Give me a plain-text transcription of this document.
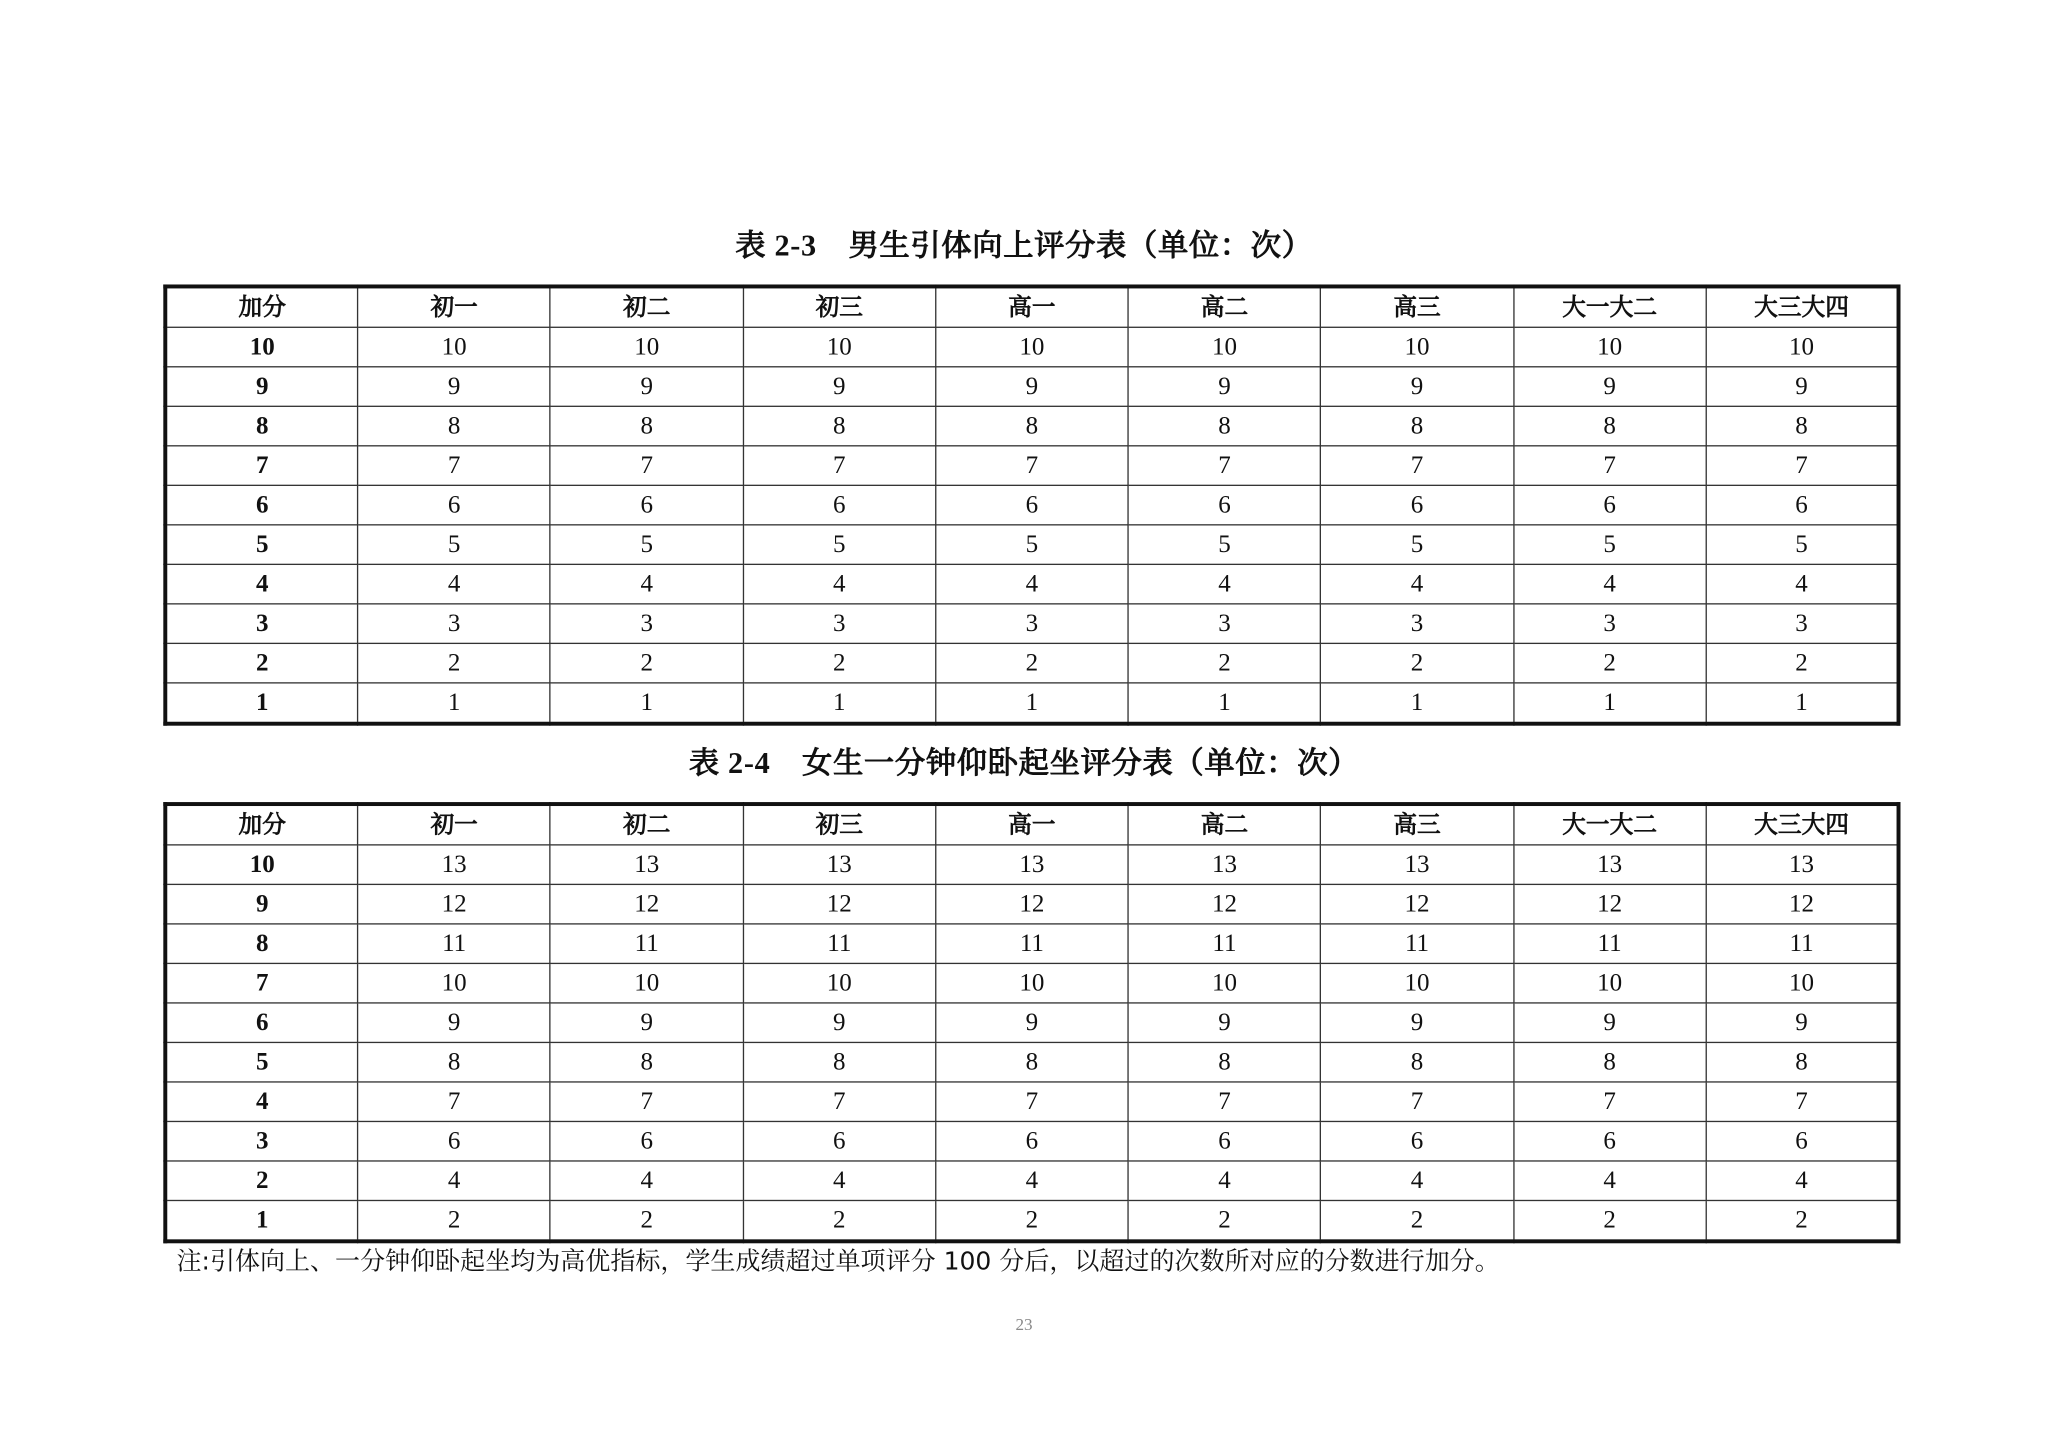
表 2-3 男生引体向上评分表（单位：次）
加分	初一	初二	初三	高一	高二	高三	大一大二	大三大四
10	10	10	10	10	10	10	10	10
9	9	9	9	9	9	9	9	9
8	8	8	8	8	8	8	8	8
7	7	7	7	7	7	7	7	7
6	6	6	6	6	6	6	6	6
5	5	5	5	5	5	5	5	5
4	4	4	4	4	4	4	4	4
3	3	3	3	3	3	3	3	3
2	2	2	2	2	2	2	2	2
1	1	1	1	1	1	1	1	1
表 2-4 女生一分钟仰卧起坐评分表（单位：次）
加分	初一	初二	初三	高一	高二	高三	大一大二	大三大四
10	13	13	13	13	13	13	13	13
9	12	12	12	12	12	12	12	12
8	11	11	11	11	11	11	11	11
7	10	10	10	10	10	10	10	10
6	9	9	9	9	9	9	9	9
5	8	8	8	8	8	8	8	8
4	7	7	7	7	7	7	7	7
3	6	6	6	6	6	6	6	6
2	4	4	4	4	4	4	4	4
1	2	2	2	2	2	2	2	2
注:引体向上、一分钟仰卧起坐均为高优指标，学生成绩超过单项评分 100 分后，以超过的次数所对应的分数进行加分。
23
